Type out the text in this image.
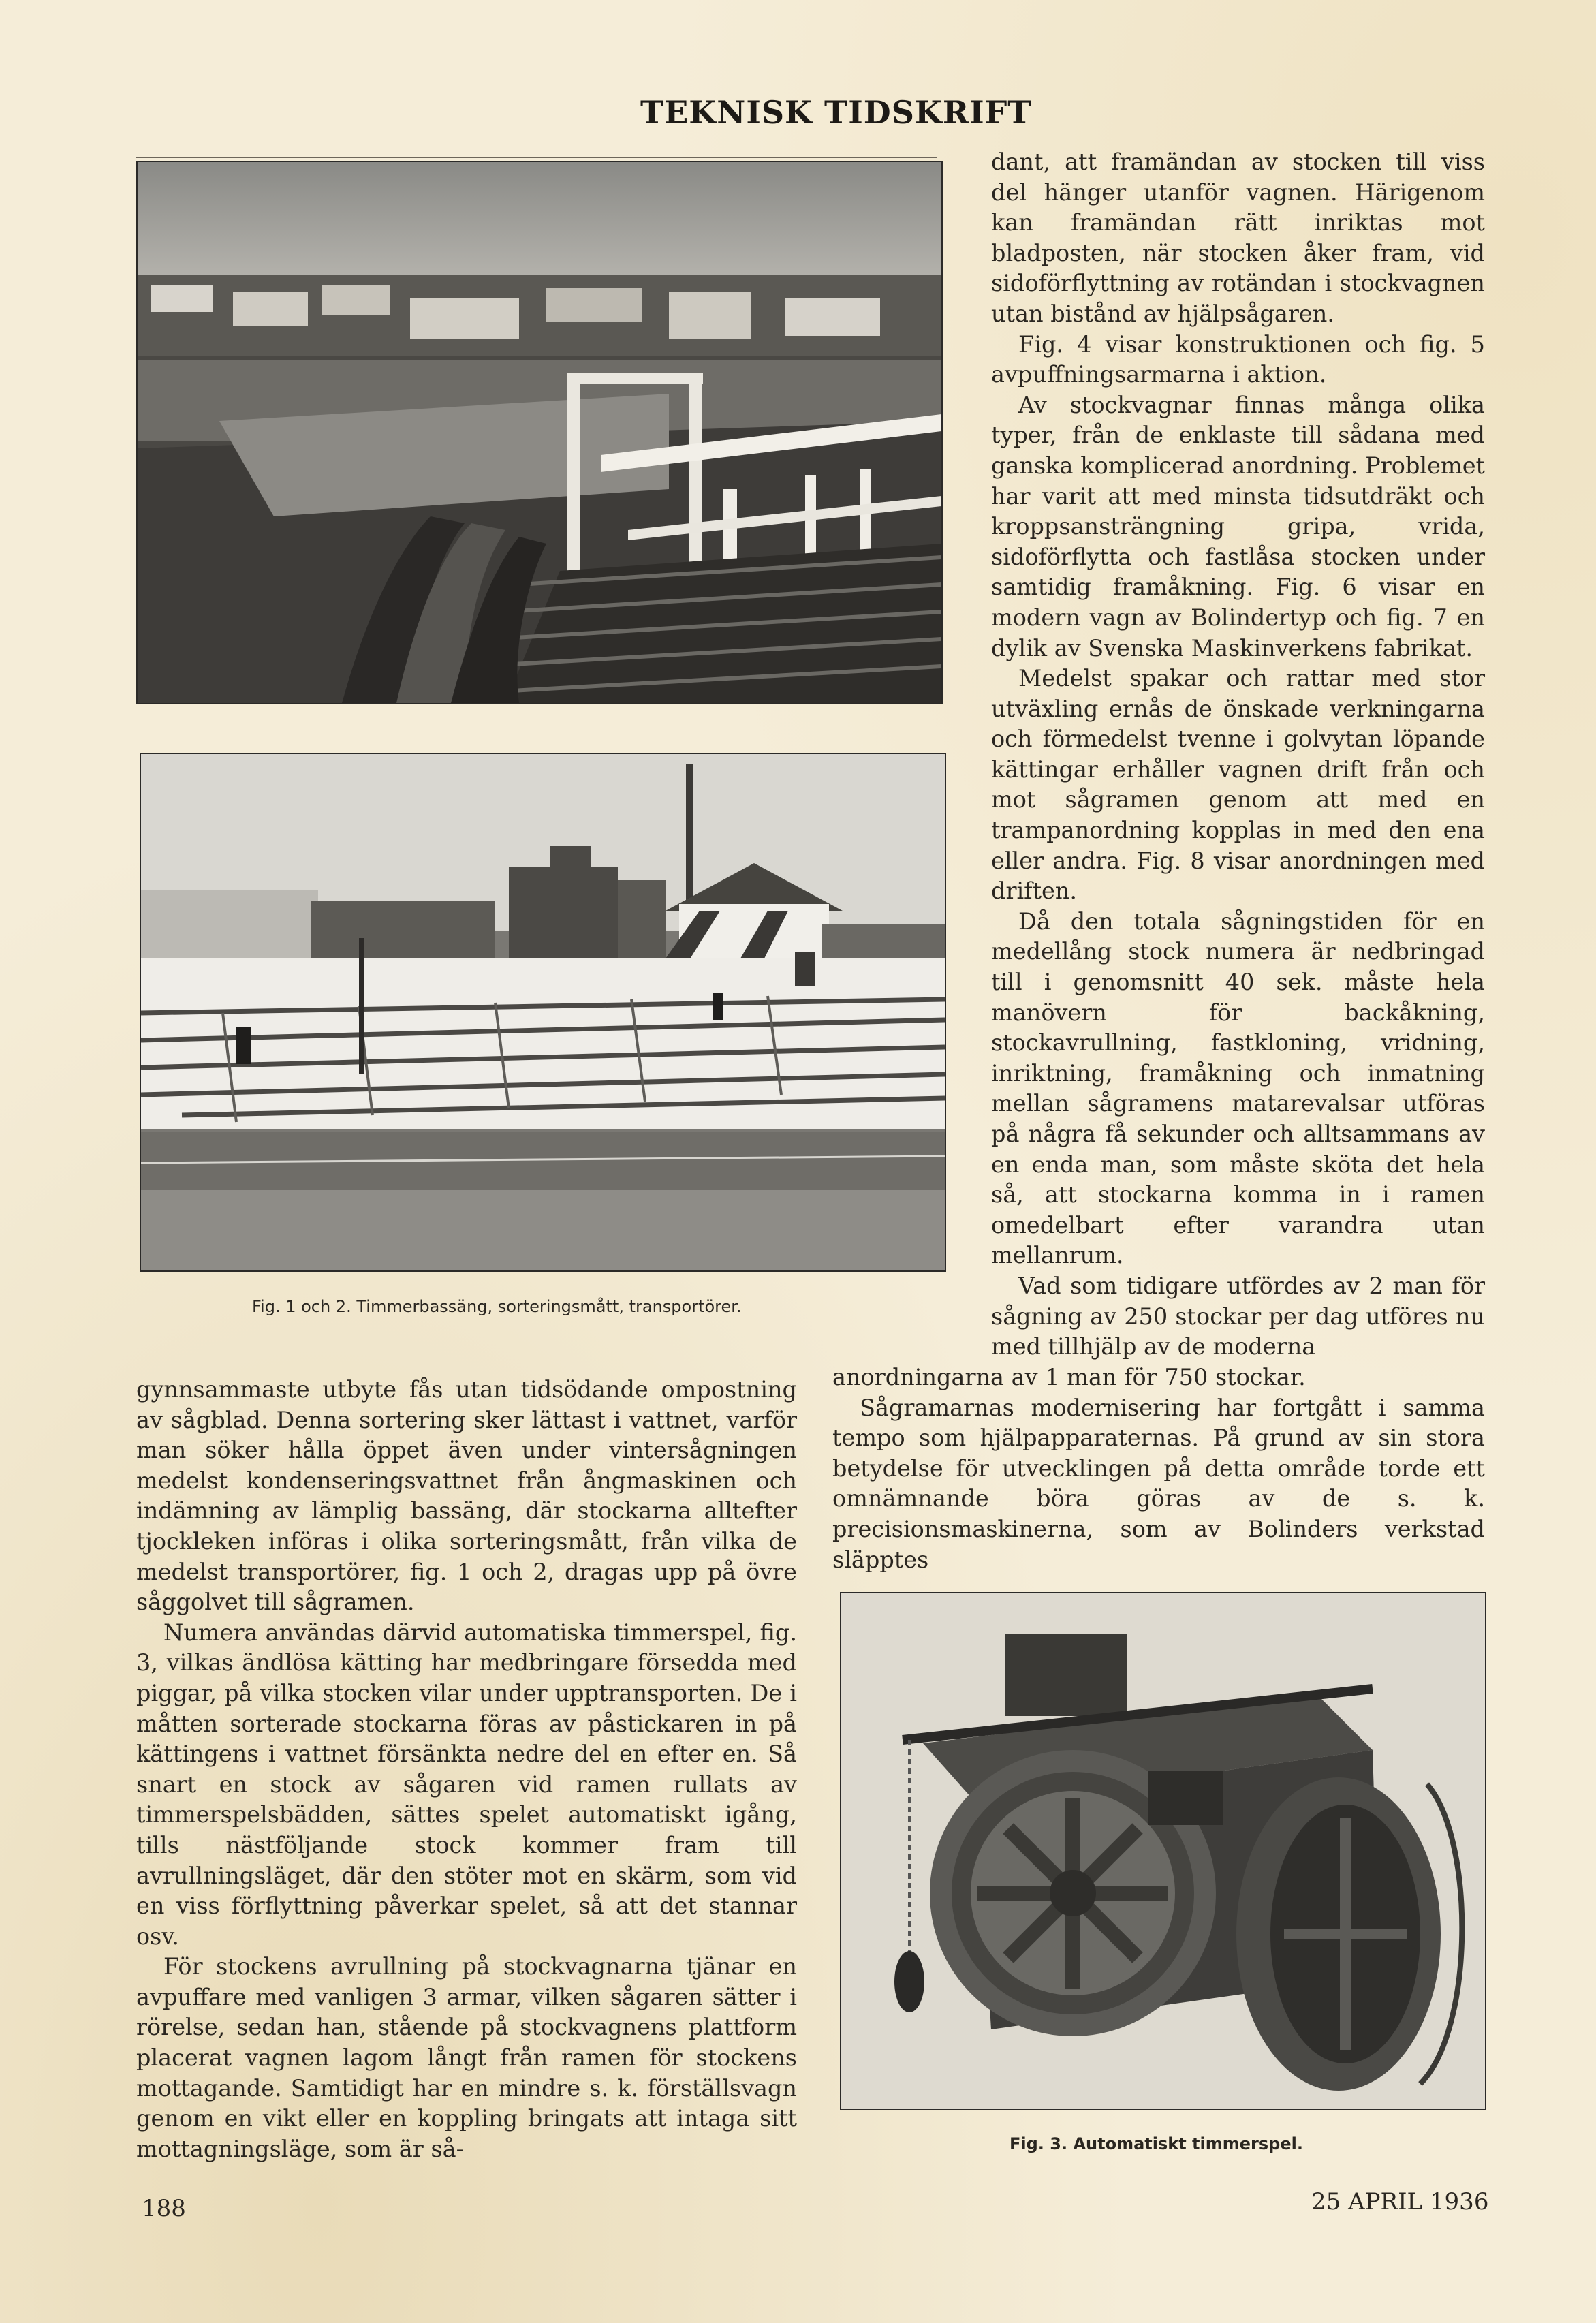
TEKNISK TIDSKRIFT
Fig. 1 och 2. Timmerbassäng, sorteringsmått, transportörer.

dant, att framändan av stocken till viss del hänger utanför vagnen. Härigenom kan framändan rätt inriktas mot bladposten, när stocken åker fram, vid sidoförflyttning av rotändan i stockvagnen utan bistånd av hjälpsågaren.

Fig. 4 visar konstruktionen och fig. 5 avpuffningsarmarna i aktion.

Av stockvagnar finnas många olika typer, från de enklaste till sådana med ganska komplicerad anordning. Problemet har varit att med minsta tidsutdräkt och kroppsansträngning gripa, vrida, sidoförflytta och fastlåsa stocken under samtidig framåkning. Fig. 6 visar en modern vagn av Bolindertyp och fig. 7 en dylik av Svenska Maskinverkens fabrikat.

Medelst spakar och rattar med stor utväxling ernås de önskade verkningarna och förmedelst tvenne i golvytan löpande kättingar erhåller vagnen drift från och mot sågramen genom att med en trampanordning kopplas in med den ena eller andra. Fig. 8 visar anordningen med driften.

Då den totala sågningstiden för en medellång stock numera är nedbringad till i genomsnitt 40 sek. måste hela manövern för backåkning, stockavrullning, fastkloning, vridning, inriktning, framåkning och inmatning mellan sågramens matarevalsar utföras på några få sekunder och alltsammans av en enda man, som måste sköta det hela så, att stockarna komma in i ramen omedelbart efter varandra utan mellanrum.

Vad som tidigare utfördes av 2 man för sågning av 250 stockar per dag utföres nu med tillhjälp av de moderna

anordningarna av 1 man för 750 stockar.

Sågramarnas modernisering har fortgått i samma tempo som hjälpapparaternas. På grund av sin stora betydelse för utvecklingen på detta område torde ett omnämnande böra göras av de s. k. precisionsmaskinerna, som av Bolinders verkstad släpptes

gynnsammaste utbyte fås utan tidsödande ompostning av sågblad. Denna sortering sker lättast i vattnet, varför man söker hålla öppet även under vintersågningen medelst kondenseringsvattnet från ångmaskinen och indämning av lämplig bassäng, där stockarna alltefter tjockleken införas i olika sorteringsmått, från vilka de medelst transportörer, fig. 1 och 2, dragas upp på övre såggolvet till sågramen.

Numera användas därvid automatiska timmerspel, fig. 3, vilkas ändlösa kätting har medbringare försedda med piggar, på vilka stocken vilar under upptransporten. De i måtten sorterade stockarna föras av påstickaren in på kättingens i vattnet försänkta nedre del en efter en. Så snart en stock av sågaren vid ramen rullats av timmerspelsbädden, sättes spelet automatiskt igång, tills nästföljande stock kommer fram till avrullningsläget, där den stöter mot en skärm, som vid en viss förflyttning påverkar spelet, så att det stannar osv.

För stockens avrullning på stockvagnarna tjänar en avpuffare med vanligen 3 armar, vilken sågaren sätter i rörelse, sedan han, stående på stockvagnens plattform placerat vagnen lagom långt från ramen för stockens mottagande. Samtidigt har en mindre s. k. förställsvagn genom en vikt eller en koppling bringats att intaga sitt mottagningsläge, som är så-	Fig. 3. Automatiskt timmerspel.
188	25 APRIL 1936
